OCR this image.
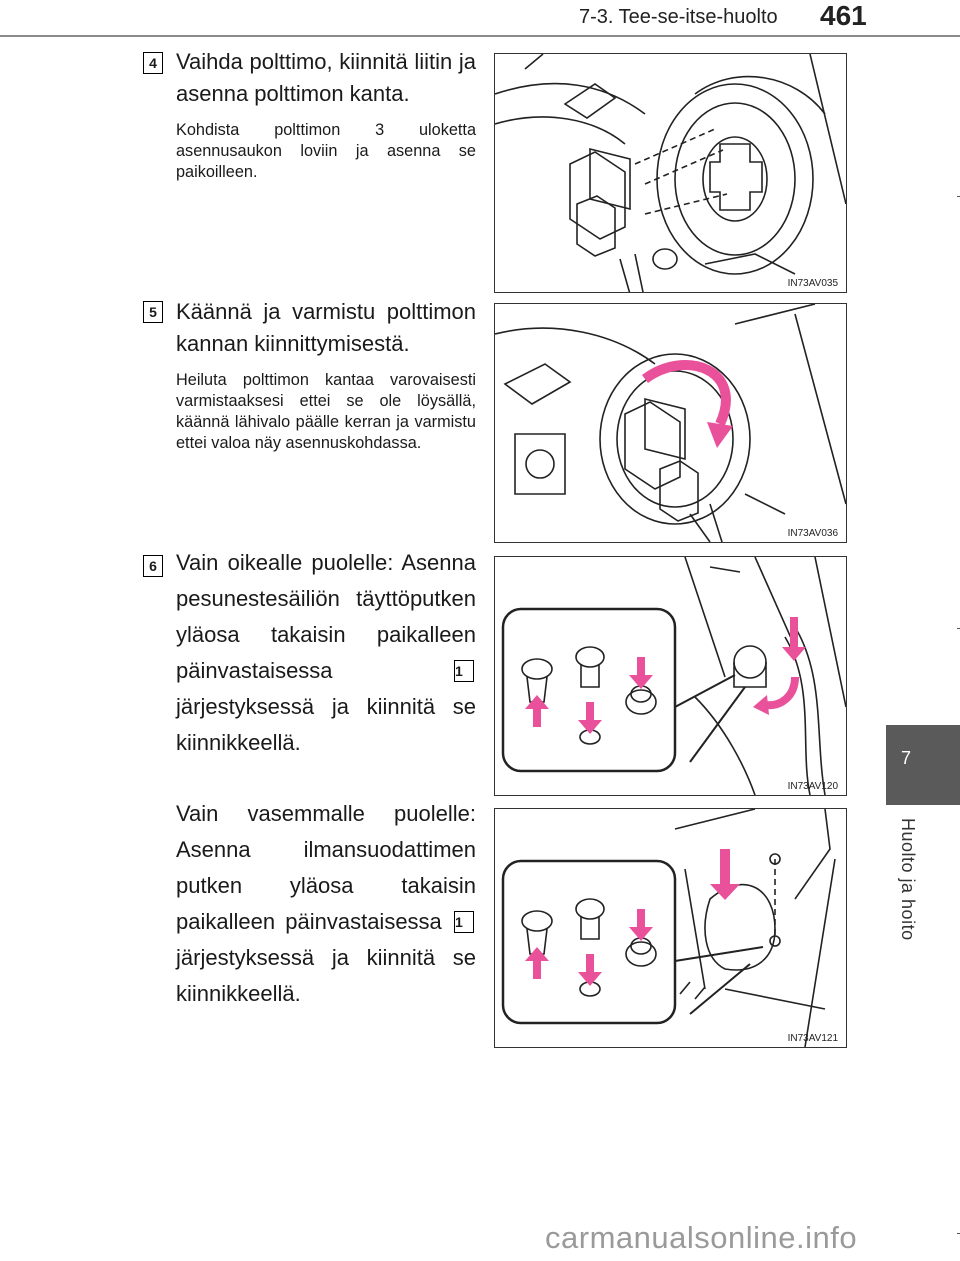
7-3. Tee-se-itse-huolto 461
7
Huolto ja hoito
4 Vaihda polttimo, kiinnitä liitin ja asenna polttimon kanta.
Kohdista polttimon 3 uloketta asennusaukon loviin ja asenna se paikoilleen.
IN73AV035
5 Käännä ja varmistu polttimon kannan kiinnittymisestä.
Heiluta polttimon kantaa varovaisesti varmistaaksesi ettei se ole löysällä, käännä lähivalo päälle kerran ja varmistu ettei valoa näy asennuskohdassa.
IN73AV036
6 Vain oikealle puolelle: Asenna pesunestesäiliön täyttöputken yläosa takaisin paikalleen päinvastaisessa	1 järjestyksessä ja kiinnitä se kiinnikkeellä.
IN73AV120
Vain vasemmalle puolelle: Asenna ilmansuodattimen putken yläosa takaisin paikalleen päinvastaisessa 1 järjestyksessä ja kiinnitä se kiinnikkeellä.
IN73AV121
carmanualsonline.info
